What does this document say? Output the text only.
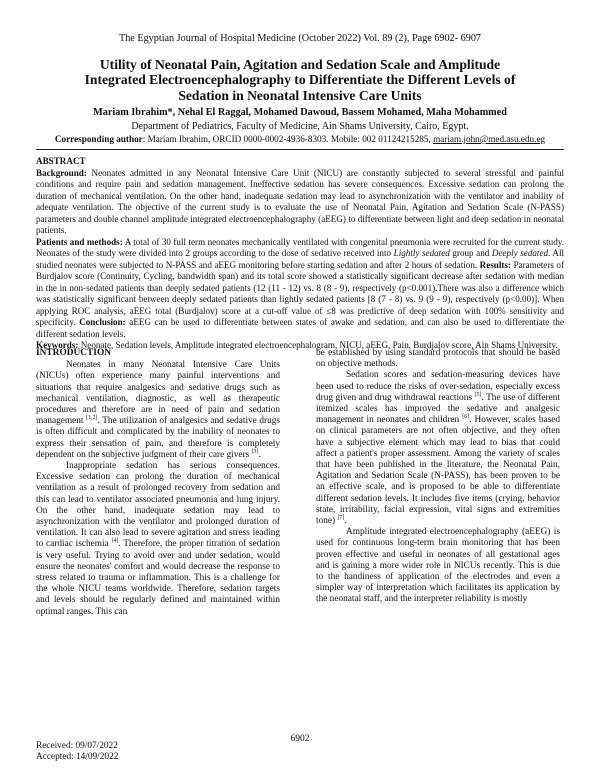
The Egyptian Journal of Hospital Medicine (October 2022) Vol. 89 (2), Page 6902- 6907
Utility of Neonatal Pain, Agitation and Sedation Scale and Amplitude
Integrated Electroencephalography to Differentiate the Different Levels of
Sedation in Neonatal Intensive Care Units
Mariam Ibrahim*, Nehal El Raggal, Mohamed Dawoud, Bassem Mohamed, Maha Mohammed
Department of Pediatrics, Faculty of Medicine, Ain Shams University, Cairo, Egypt.
Corresponding author: Mariam Ibrahim, ORCID 0000-0002-4936-8303. Mobile: 002 01124215285, mariam.john@med.asu.edu.eg

ABSTRACT

Background: Neonates admitted in any Neonatal Intensive Care Unit (NICU) are constantly subjected to several stressful and painful conditions and require pain and sedation management. Ineffective sedation has severe consequences. Excessive sedation can prolong the duration of mechanical ventilation. On the other hand, inadequate sedation may lead to asynchronization with the ventilator and inability of adequate ventilation. The objective of the current study is to evaluate the use of Neonatal Pain, Agitation and Sedation Scale (N-PASS) parameters and double channel amplitude integrated electroencephalography (aEEG) to differentiate between light and deep sedation in neonatal patients.

Patients and methods: A total of 30 full term neonates mechanically ventilated with congenital pneumonia were recruited for the current study. Neonates of the study were divided into 2 groups according to the dose of sedative received into Lightly sedated group and Deeply sedated. All studied neonates were subjected to N-PASS and aEEG monitoring before starting sedation and after 2 hours of sedation. Results: Parameters of Burdjalov score (Continuity, Cycling, bandwidth span) and its total score showed a statistically significant decrease after sedation with median in the in non-sedated patients than deeply sedated patients (12 (11 - 12) vs. 8 (8 - 9), respectively (p<0.001).There was also a difference which was statistically significant between deeply sedated patients than lightly sedated patients [8 (7 - 8) vs. 9 (9 - 9), respectively (p<0.00)]. When applying ROC analysis, aEEG total (Burdjalov) score at a cut-off value of ≤8 was predictive of deep sedation with 100% sensitivity and specificity. Conclusion: aEEG can be used to differentiate between states of awake and sedation, and can also be used to differentiate the different sedation levels.

Keywords: Neonate, Sedation levels, Amplitude integrated electroencephalogram, NICU, aEEG, Pain, Burdjalov score, Ain Shams University.

INTRODUCTION

Neonates in many Neonatal Intensive Care Units (NICUs) often experience many painful interventions and situations that require analgesics and sedative drugs such as mechanical ventilation, diagnostic, as well as therapeutic procedures and therefore are in need of pain and sedation management [1,2]. The utilization of analgesics and sedative drugs is often difficult and complicated by the inability of neonates to express their sensation of pain, and therefore is completely dependent on the subjective judgment of their care givers [3].

Inappropriate sedation has serious consequences. Excessive sedation can prolong the duration of mechanical ventilation as a result of prolonged recovery from sedation and this can lead to ventilator associated pneumonia and lung injury. On the other hand, inadequate sedation may lead to asynchronization with the ventilator and prolonged duration of ventilation. It can also lead to severe agitation and stress leading to cardiac ischemia [4]. Therefore, the proper titration of sedation is very useful. Trying to avoid over and under sedation, would ensure the neonates' comfort and would decrease the response to stress related to trauma or inflammation. This is a challenge for the whole NICU teams worldwide. Therefore, sedation targets and levels should be regularly defined and maintained within optimal ranges. This can

be established by using standard protocols that should be based on objective methods.

Sedation scores and sedation-measuring devices have been used to reduce the risks of over-sedation, especially excess drug given and drug withdrawal reactions [5]. The use of different itemized scales has improved the sedative and analgesic management in neonates and children [6]. However, scales based on clinical parameters are not often objective, and they often have a subjective element which may lead to bias that could affect a patient's proper assessment. Among the variety of scales that have been published in the literature, the Neonatal Pain, Agitation and Sedation Scale (N-PASS), has been proven to be an effective scale, and is proposed to be able to differentiate different sedation levels. It includes five items (crying, behavior state, irritability, facial expression, vital signs and extremities tone) [7].

Amplitude integrated electroencephalography (aEEG) is used for continuous long-term brain monitoring that has been proven effective and useful in neonates of all gestational ages and is gaining a more wider role in NICUs recently. This is due to the handiness of application of the electrodes and even a simpler way of interpretation which facilitates its application by the neonatal staff, and the interpreter reliability is mostly

6902
Received: 09/07/2022
Accepted: 14/09/2022
